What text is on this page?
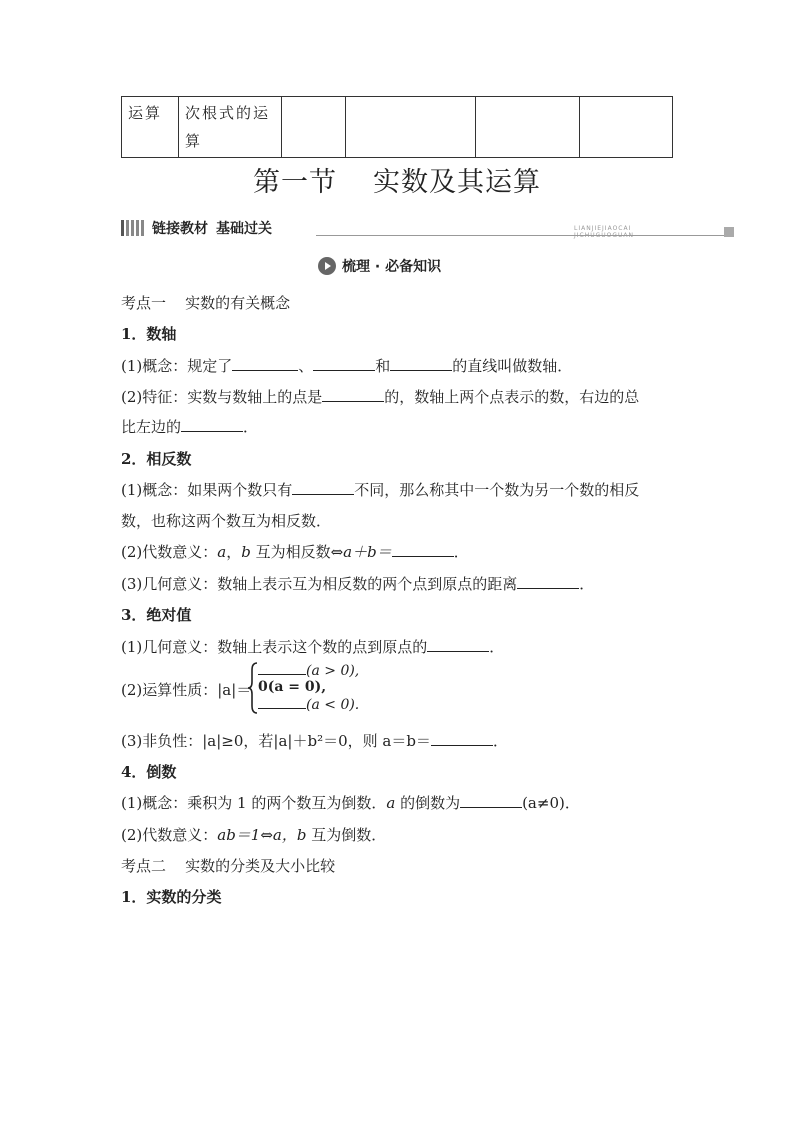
运算	次根式的运算				
第一节 实数及其运算
链接教材 基础过关	LIANJIEJIAOCAI JICHUGUOGUAN
梳理 · 必备知识
考点一 实数的有关概念
1．数轴
(1)概念：规定了	、	和	的直线叫做数轴．
(2)特征：实数与数轴上的点是	的，数轴上两个点表示的数，右边的总
比左边的	．
2．相反数
(1)概念：如果两个数只有	不同，那么称其中一个数为另一个数的相反
数，也称这两个数互为相反数．
(2)代数意义：a，b 互为相反数⇔a＋b＝	．
(3)几何意义：数轴上表示互为相反数的两个点到原点的距离	．
3．绝对值
(1)几何意义：数轴上表示这个数的点到原点的	．
(2)运算性质：|a|＝
(a > 0),
0(a = 0),
(a < 0).
(3)非负性：|a|≥0，若|a|＋b²＝0，则 a＝b＝	．
4．倒数
(1)概念：乘积为 1 的两个数互为倒数．a 的倒数为	(a≠0)．
(2)代数意义：ab＝1⇔a，b 互为倒数．
考点二 实数的分类及大小比较
1．实数的分类
